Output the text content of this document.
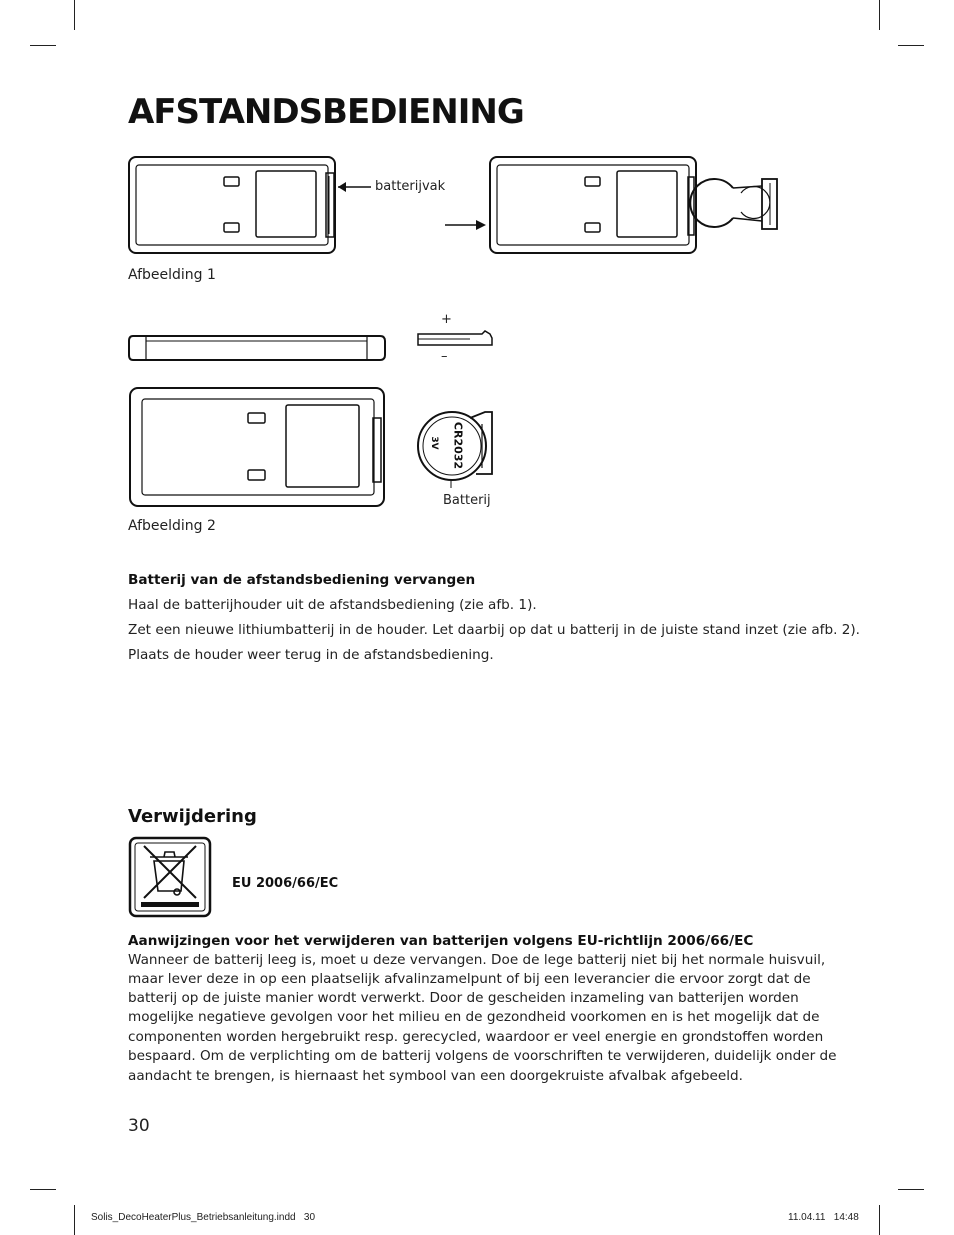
AFSTANDSBEDIENING
batterijvak
Afbeelding 1
+
–
CR2032
3V
Batterij
Afbeelding 2
Batterij van de afstandsbediening vervangen
Haal de batterijhouder uit de afstandsbediening (zie afb. 1).
Zet een nieuwe lithiumbatterij in de houder. Let daarbij op dat u batterij in de juiste stand inzet (zie afb. 2).
Plaats de houder weer terug in de afstandsbediening.
Verwijdering
EU 2006/66/EC
Aanwijzingen voor het verwijderen van batterijen volgens EU-richtlijn 2006/66/EC
Wanneer de batterij leeg is, moet u deze vervangen. Doe de lege batterij niet bij het normale huisvuil,
maar lever deze in op een plaatselijk afvalinzamelpunt of bij een leverancier die ervoor zorgt dat de
batterij op de juiste manier wordt verwerkt. Door de gescheiden inzameling van batterijen worden
mogelijke negatieve gevolgen voor het milieu en de gezondheid voorkomen en is het mogelijk dat de
componenten worden hergebruikt resp. gerecycled, waardoor er veel energie en grondstoffen worden
bespaard. Om de verplichting om de batterij volgens de voorschriften te verwijderen, duidelijk onder de
aandacht te brengen, is hiernaast het symbool van een doorgekruiste afvalbak afgebeeld.
30
Solis_DecoHeaterPlus_Betriebsanleitung.indd   30	11.04.11   14:48
